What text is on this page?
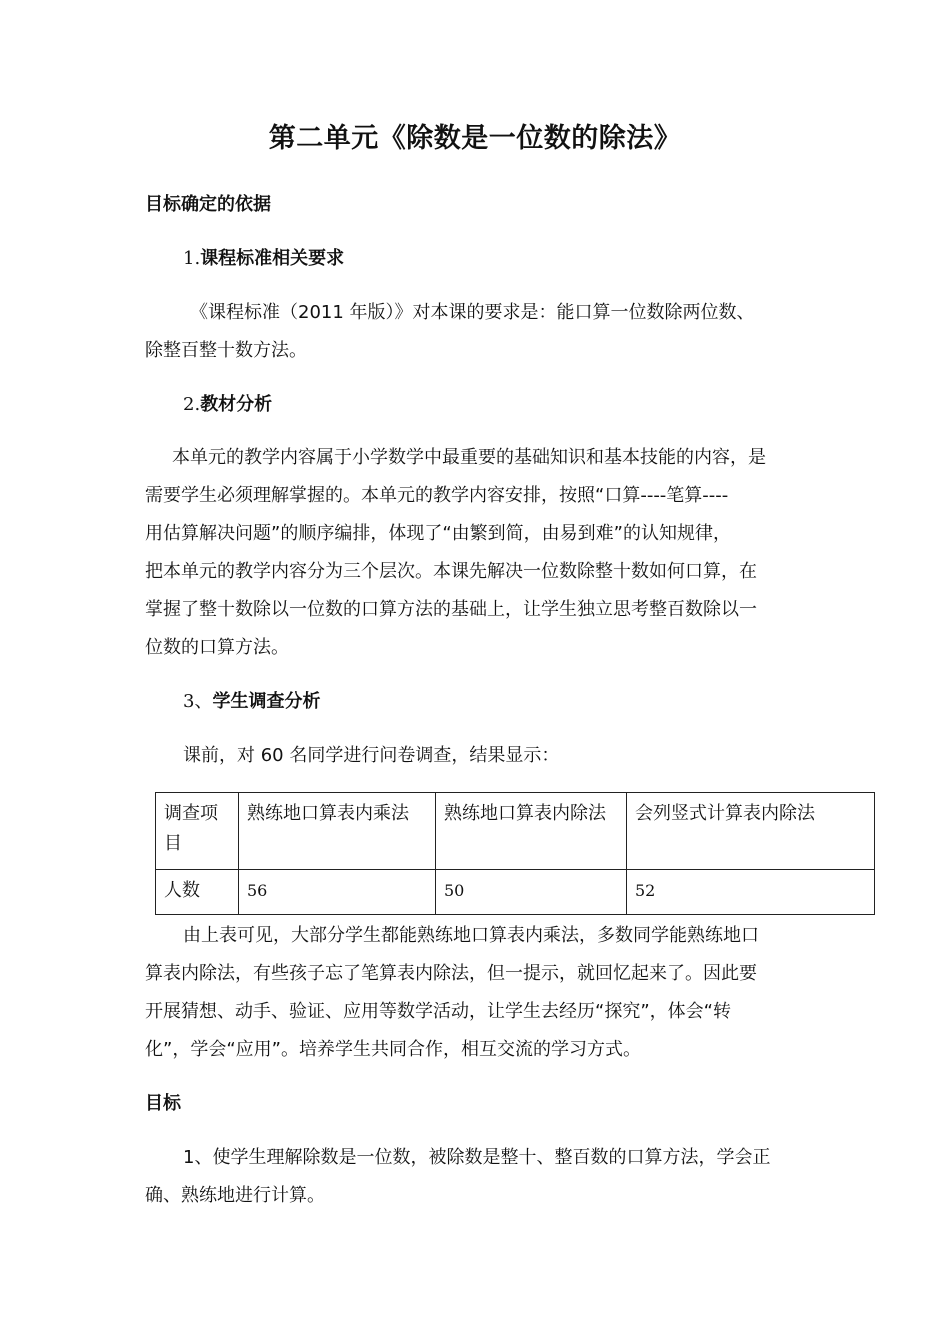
第二单元《除数是一位数的除法》
目标确定的依据
1.课程标准相关要求
《课程标准（2011 年版）》对本课的要求是：能口算一位数除两位数、
除整百整十数方法。
2.教材分析
本单元的教学内容属于小学数学中最重要的基础知识和基本技能的内容，是
需要学生必须理解掌握的。本单元的教学内容安排，按照“口算----笔算----
用估算解决问题”的顺序编排，体现了“由繁到简，由易到难”的认知规律，
把本单元的教学内容分为三个层次。本课先解决一位数除整十数如何口算，在
掌握了整十数除以一位数的口算方法的基础上，让学生独立思考整百数除以一
位数的口算方法。
3、学生调查分析
课前，对 60 名同学进行问卷调查，结果显示：
调查项目	熟练地口算表内乘法	熟练地口算表内除法	会列竖式计算表内除法
人数	56	50	52
由上表可见，大部分学生都能熟练地口算表内乘法，多数同学能熟练地口
算表内除法，有些孩子忘了笔算表内除法，但一提示，就回忆起来了。因此要
开展猜想、动手、验证、应用等数学活动，让学生去经历“探究”，体会“转
化”，学会“应用”。培养学生共同合作，相互交流的学习方式。
目标
1、使学生理解除数是一位数，被除数是整十、整百数的口算方法，学会正
确、熟练地进行计算。
